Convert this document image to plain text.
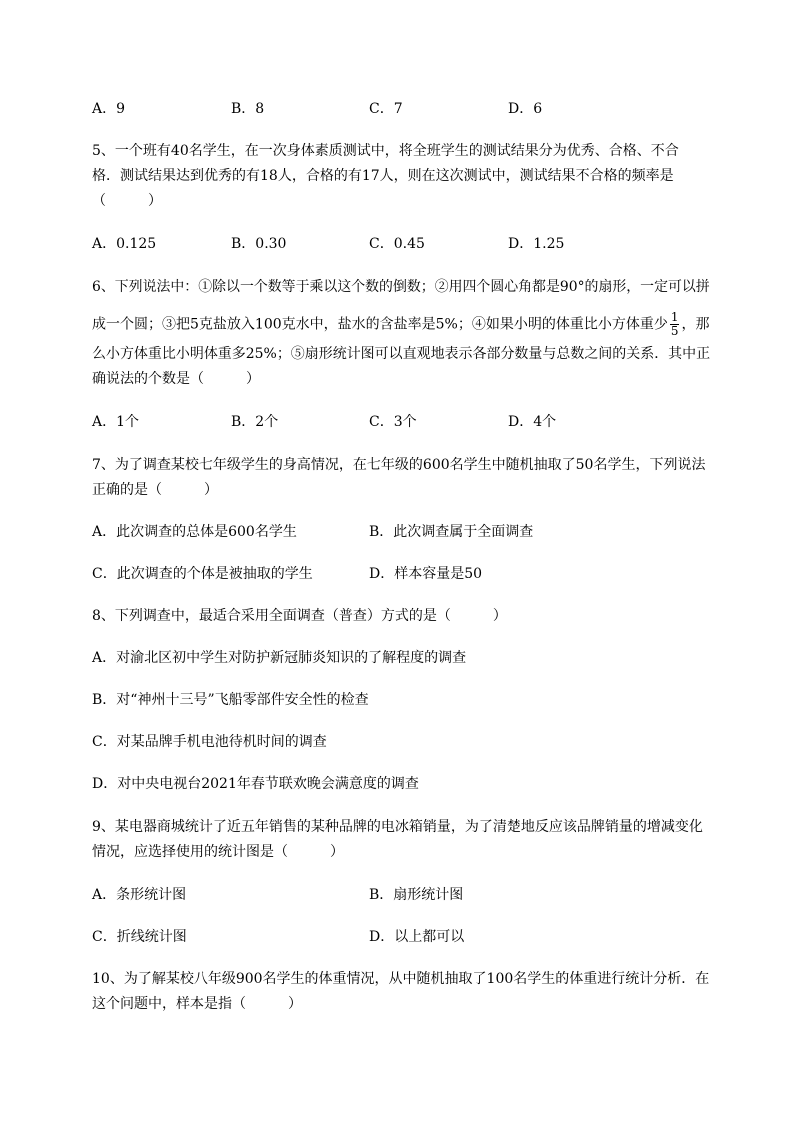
A．9	B．8	C．7	D．6
5、一个班有40名学生，在一次身体素质测试中，将全班学生的测试结果分为优秀、合格、不合
格．测试结果达到优秀的有18人，合格的有17人，则在这次测试中，测试结果不合格的频率是
（　　　）
A．0.125	B．0.30	C．0.45	D．1.25
6、下列说法中：①除以一个数等于乘以这个数的倒数；②用四个圆心角都是90°的扇形，一定可以拼
成一个圆；③把5克盐放入100克水中，盐水的含盐率是5%；④如果小明的体重比小方体重少 $\frac{1}{5}$ ，那
么小方体重比小明体重多25%；⑤扇形统计图可以直观地表示各部分数量与总数之间的关系．其中正
确说法的个数是（　　　）
A．1个	B．2个	C．3个	D．4个
7、为了调查某校七年级学生的身高情况，在七年级的600名学生中随机抽取了50名学生，下列说法
正确的是（　　　）
A．此次调查的总体是600名学生	B．此次调查属于全面调查
C．此次调查的个体是被抽取的学生	D．样本容量是50
8、下列调查中，最适合采用全面调查（普查）方式的是（　　　）
A．对渝北区初中学生对防护新冠肺炎知识的了解程度的调查
B．对“神州十三号”飞船零部件安全性的检查
C．对某品牌手机电池待机时间的调查
D．对中央电视台2021年春节联欢晚会满意度的调查
9、某电器商城统计了近五年销售的某种品牌的电冰箱销量，为了清楚地反应该品牌销量的增减变化
情况，应选择使用的统计图是（　　　）
A．条形统计图	B．扇形统计图
C．折线统计图	D．以上都可以
10、为了解某校八年级900名学生的体重情况，从中随机抽取了100名学生的体重进行统计分析．在
这个问题中，样本是指（　　　）
